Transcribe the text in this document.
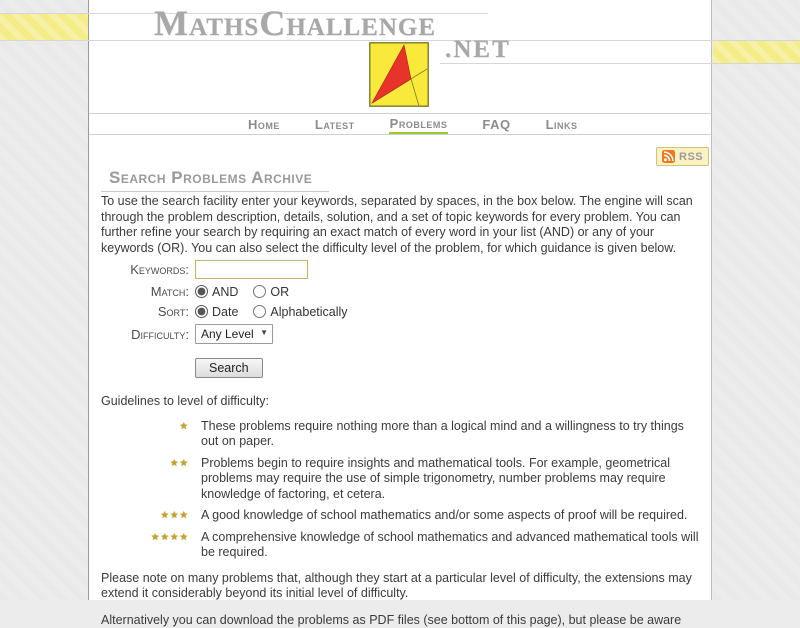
MathsChallenge
.NET
Home	Latest	Problems	FAQ	Links
RSS
Search Problems Archive

To use the search facility enter your keywords, separated by spaces, in the box below. The engine will scan through the problem description, details, solution, and a set of topic keywords for every problem. You can further refine your search by requiring an exact match of every word in your list (AND) or any of your keywords (OR). You can also select the difficulty level of the problem, for which guidance is given below.

Keywords:
Match: AND	OR
Sort: Date	Alphabetically
Difficulty:
Any Level ▼
Search
Guidelines to level of difficulty:
★ These problems require nothing more than a logical mind and a willingness to try things out on paper.
★★ Problems begin to require insights and mathematical tools. For example, geometrical problems may require the use of simple trigonometry, number problems may require knowledge of factoring, et cetera.
★★★ A good knowledge of school mathematics and/or some aspects of proof will be required.
★★★★ A comprehensive knowledge of school mathematics and advanced mathematical tools will be required.

Please note on many problems that, although they start at a particular level of difficulty, the extensions may extend it considerably beyond its initial level of difficulty.

Alternatively you can download the problems as PDF files (see bottom of this page), but please be aware
